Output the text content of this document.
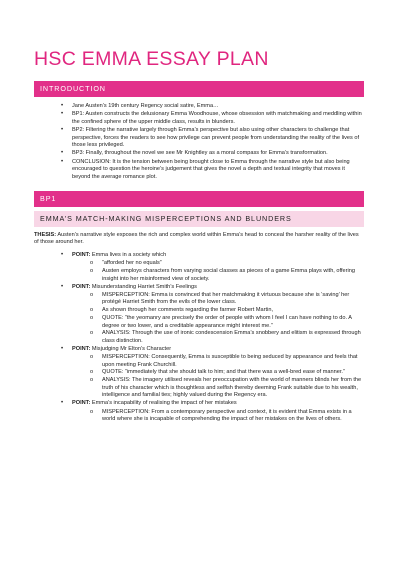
HSC EMMA ESSAY PLAN
INTRODUCTION
• Jane Austen’s 19th century Regency social satire, Emma…
• BP1: Austen constructs the delusionary Emma Woodhouse, whose obsession with matchmaking and meddling within the confined sphere of the upper middle class, results in blunders.
• BP2: Filtering the narrative largely through Emma’s perspective but also using other characters to challenge that perspective, forces the readers to see how privilege can prevent people from understanding the reality of the lives of those less privileged.
• BP3: Finally, throughout the novel we see Mr Knightley as a moral compass for Emma’s transformation.
• CONCLUSION: It is the tension between being brought close to Emma through the narrative style but also being encouraged to question the heroine’s judgement that gives the novel a depth and textual integrity that moves it beyond the average romance plot.
BP1
EMMA’S MATCH-MAKING MISPERCEPTIONS AND BLUNDERS
THESIS: Austen’s narrative style exposes the rich and complex world within Emma’s head to conceal the harsher reality of the lives of those around her.
• POINT: Emma lives in a society which
o “afforded her no equals”
o Austen employs characters from varying social classes as pieces of a game Emma plays with, offering insight into her misinformed view of society.
• POINT: Misunderstanding Harriet Smith’s Feelings
o MISPERCEPTION: Emma is convinced that her matchmaking it virtuous because she is ‘saving’ her protégé Harriet Smith from the evils of the lower class.
o As shown through her comments regarding the farmer Robert Martin,
o QUOTE: “the yeomanry are precisely the order of people with whom I feel I can have nothing to do. A degree or two lower, and a creditable appearance might interest me.”
o ANALYSIS: Through the use of ironic condescension Emma’s snobbery and elitism is expressed through class distinction.
• POINT: Misjudging Mr Elton’s Character
o MISPERCEPTION: Consequently, Emma is susceptible to being seduced by appearance and feels that upon meeting Frank Churchill.
o QUOTE: “immediately that she should talk to him; and that there was a well-bred ease of manner.”
o ANALYSIS: The imagery utilised reveals her preoccupation with the world of manners blinds her from the truth of his character which is thoughtless and selfish thereby deeming Frank suitable due to his wealth, intelligence and familial ties; highly valued during the Regency era.
• POINT: Emma’s incapability of realising the impact of her mistakes
o MISPERCEPTION: From a contemporary perspective and context, it is evident that Emma exists in a world where she is incapable of comprehending the impact of her mistakes on the lives of others.
